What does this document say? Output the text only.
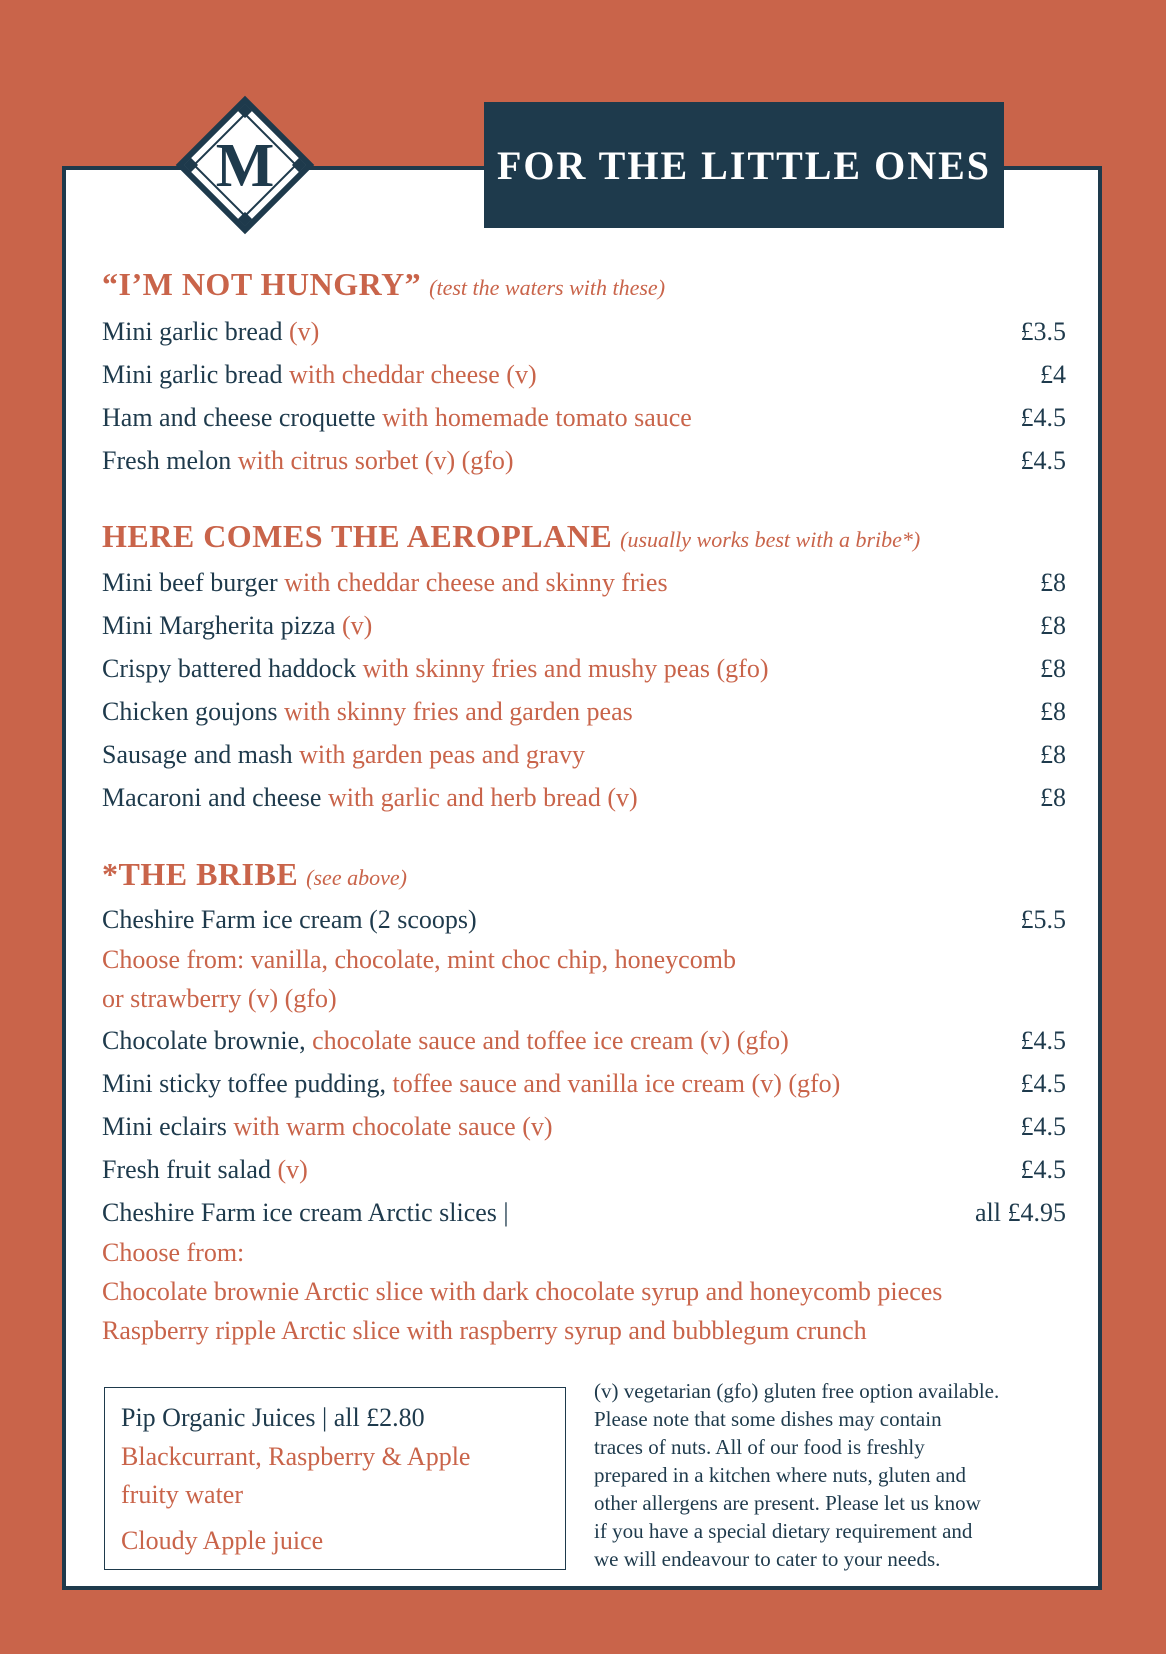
M	FOR THE LITTLE ONES
“I’M NOT HUNGRY” (test the waters with these)
Mini garlic bread (v)	£3.5
Mini garlic bread with cheddar cheese (v)	£4
Ham and cheese croquette with homemade tomato sauce	£4.5
Fresh melon with citrus sorbet (v) (gfo)	£4.5
HERE COMES THE AEROPLANE (usually works best with a bribe*)
Mini beef burger with cheddar cheese and skinny fries	£8
Mini Margherita pizza (v)	£8
Crispy battered haddock with skinny fries and mushy peas (gfo)	£8
Chicken goujons with skinny fries and garden peas	£8
Sausage and mash with garden peas and gravy	£8
Macaroni and cheese with garlic and herb bread (v)	£8
*THE BRIBE (see above)
Cheshire Farm ice cream (2 scoops)	£5.5
Choose from: vanilla, chocolate, mint choc chip, honeycomb
or strawberry (v) (gfo)
Chocolate brownie, chocolate sauce and toffee ice cream (v) (gfo)	£4.5
Mini sticky toffee pudding, toffee sauce and vanilla ice cream (v) (gfo)	£4.5
Mini eclairs with warm chocolate sauce (v)	£4.5
Fresh fruit salad (v)	£4.5
Cheshire Farm ice cream Arctic slices |	all £4.95
Choose from:
Chocolate brownie Arctic slice with dark chocolate syrup and honeycomb pieces
Raspberry ripple Arctic slice with raspberry syrup and bubblegum crunch
Pip Organic Juices | all £2.80
Blackcurrant, Raspberry & Apple
fruity water
Cloudy Apple juice
(v) vegetarian (gfo) gluten free option available.
Please note that some dishes may contain
traces of nuts. All of our food is freshly
prepared in a kitchen where nuts, gluten and
other allergens are present. Please let us know
if you have a special dietary requirement and
we will endeavour to cater to your needs.
